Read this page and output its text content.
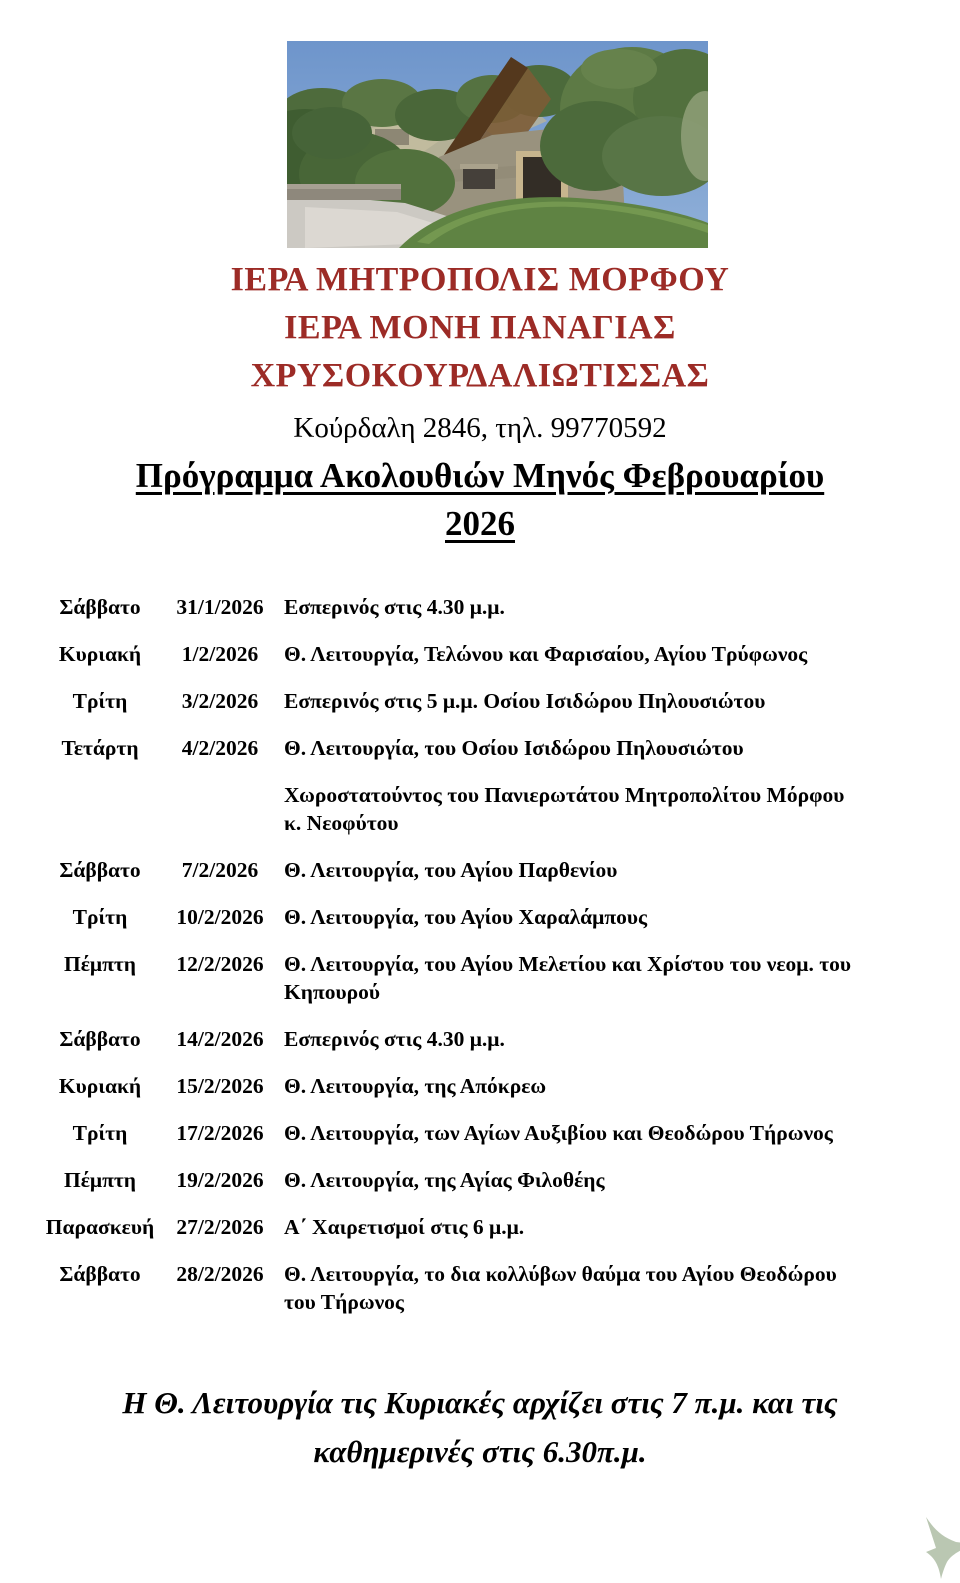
ΙΕΡΑ ΜΗΤΡΟΠΟΛΙΣ ΜΟΡΦΟΥ
ΙΕΡΑ ΜΟΝΗ ΠΑΝΑΓΙΑΣ
ΧΡΥΣΟΚΟΥΡΔΑΛΙΩΤΙΣΣΑΣ
Κούρδαλη 2846, τηλ. 99770592
Πρόγραμμα Ακολουθιών Μηνός Φεβρουαρίου
2026
Σάββατο	31/1/2026 Εσπερινός στις 4.30 μ.μ.
Κυριακή	1/2/2026	Θ. Λειτουργία, Τελώνου και Φαρισαίου, Αγίου Τρύφωνος
Τρίτη	3/2/2026	Εσπερινός στις 5 μ.μ. Οσίου Ισιδώρου Πηλουσιώτου
Τετάρτη	4/2/2026	Θ. Λειτουργία, του Οσίου Ισιδώρου Πηλουσιώτου
Χωροστατούντος του Πανιερωτάτου Μητροπολίτου Μόρφου
κ. Νεοφύτου
Σάββατο	7/2/2026	Θ. Λειτουργία, του Αγίου Παρθενίου
Τρίτη	10/2/2026 Θ. Λειτουργία, του Αγίου Χαραλάμπους
Πέμπτη	12/2/2026 Θ. Λειτουργία, του Αγίου Μελετίου και Χρίστου του νεομ. του
Κηπουρού
Σάββατο	14/2/2026 Εσπερινός στις 4.30 μ.μ.
Κυριακή	15/2/2026 Θ. Λειτουργία, της Απόκρεω
Τρίτη	17/2/2026 Θ. Λειτουργία, των Αγίων Αυξιβίου και Θεοδώρου Τήρωνος
Πέμπτη	19/2/2026 Θ. Λειτουργία, της Αγίας Φιλοθέης
Παρασκευή	27/2/2026 Α΄ Χαιρετισμοί στις 6 μ.μ.
Σάββατο	28/2/2026 Θ. Λειτουργία, το δια κολλύβων θαύμα του Αγίου Θεοδώρου
του Τήρωνος
Η Θ. Λειτουργία τις Κυριακές αρχίζει στις 7 π.μ. και τις
καθημερινές στις 6.30π.μ.
